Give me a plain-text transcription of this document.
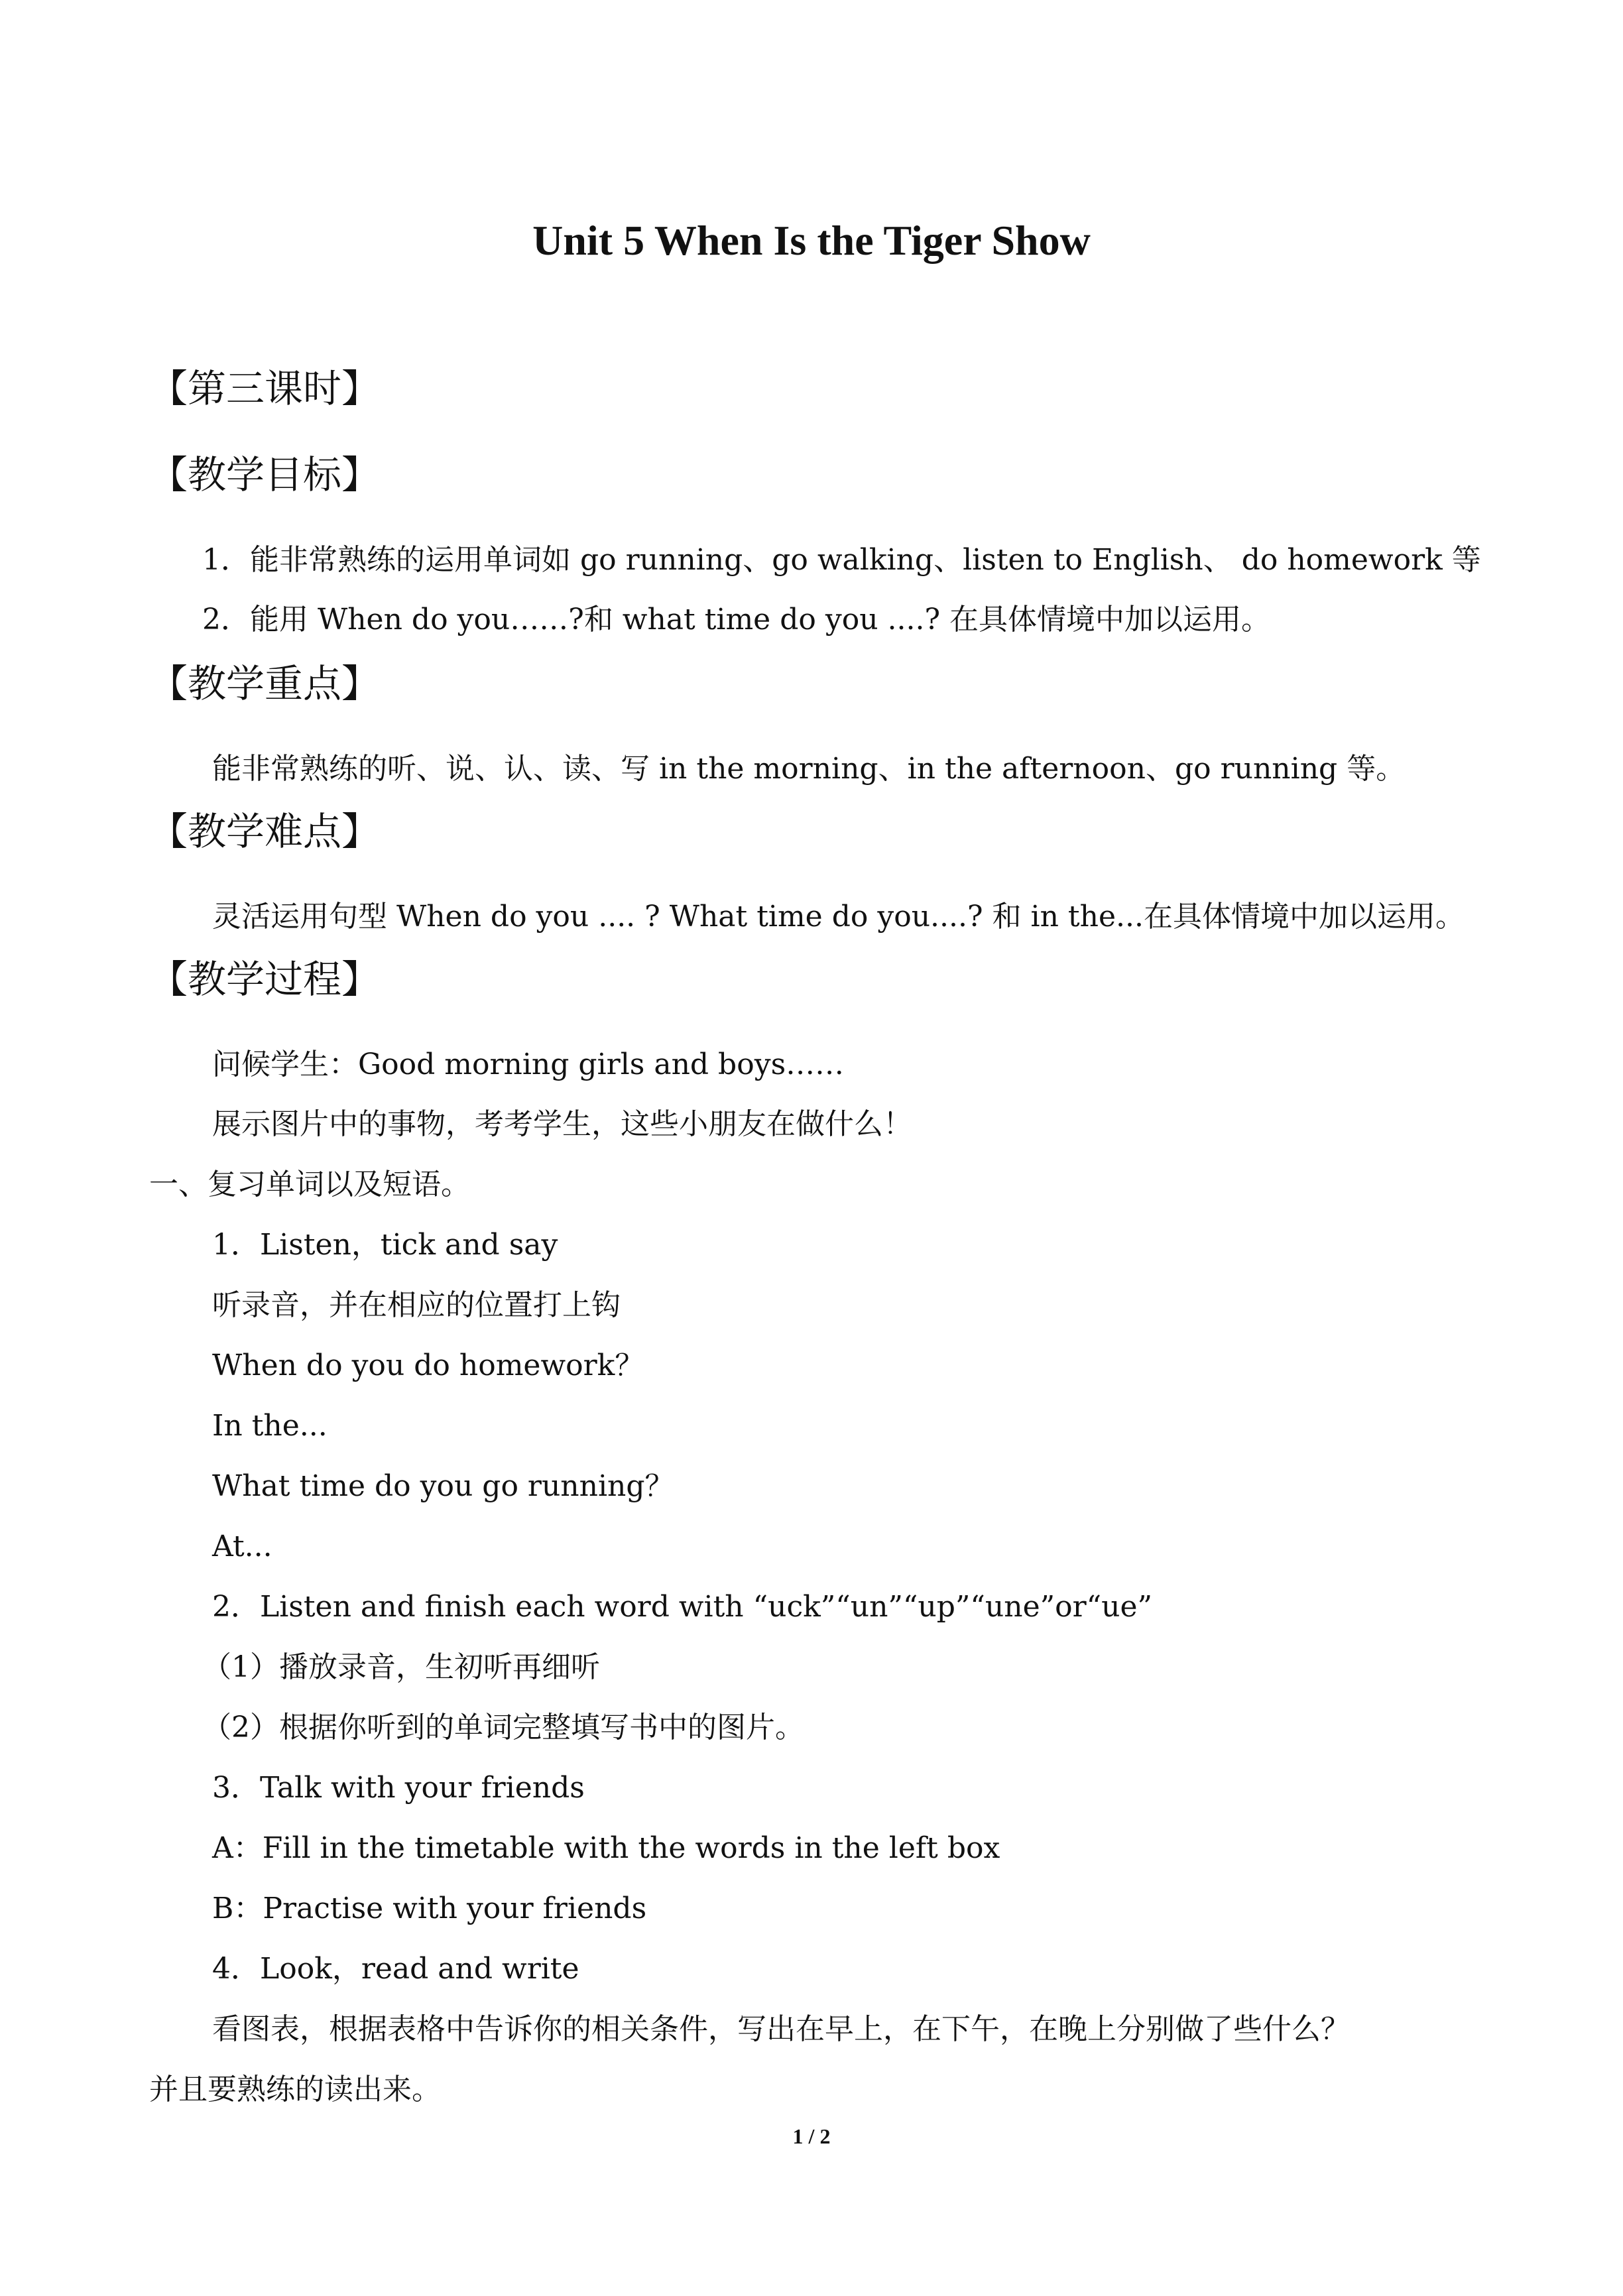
Unit 5 When Is the Tiger Show
【第三课时】
【教学目标】
1．能非常熟练的运用单词如 go running、go walking、listen to English、 do homework 等
2．能用 When do you……?和 what time do you ....? 在具体情境中加以运用。
【教学重点】
能非常熟练的听、说、认、读、写 in the morning、in the afternoon、go running 等。
【教学难点】
灵活运用句型 When do you .... ? What time do you....? 和 in the...在具体情境中加以运用。
【教学过程】
问候学生：Good morning girls and boys……
展示图片中的事物，考考学生，这些小朋友在做什么！
一、复习单词以及短语。
1．Listen，tick and say
听录音，并在相应的位置打上钩
When do you do homework？
In the...
What time do you go running？
At...
2．Listen and finish each word with “uck”“un”“up”“une”or“ue”
（1）播放录音，生初听再细听
（2）根据你听到的单词完整填写书中的图片。
3．Talk with your friends
A：Fill in the timetable with the words in the left box
B：Practise with your friends
4．Look，read and write
看图表，根据表格中告诉你的相关条件，写出在早上，在下午，在晚上分别做了些什么？
并且要熟练的读出来。
1 / 2
